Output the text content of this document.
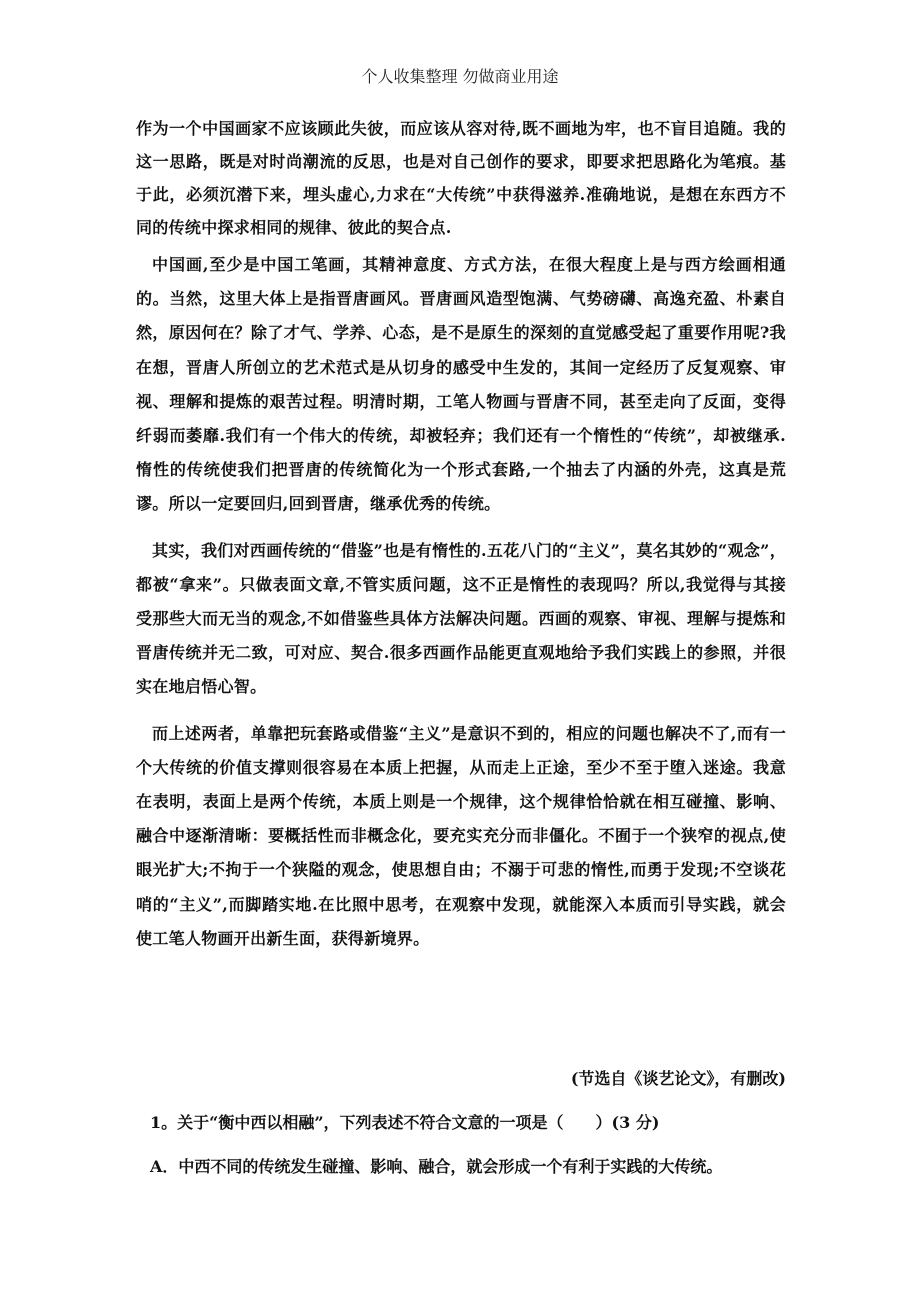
个人收集整理 勿做商业用途

作为一个中国画家不应该顾此失彼，而应该从容对待,既不画地为牢，也不盲目追随。我的这一思路，既是对时尚潮流的反思，也是对自己创作的要求，即要求把思路化为笔痕。基于此，必须沉潜下来，埋头虚心,力求在“大传统”中获得滋养.准确地说，是想在东西方不同的传统中探求相同的规律、彼此的契合点.

中国画,至少是中国工笔画，其精神意度、方式方法，在很大程度上是与西方绘画相通的。当然，这里大体上是指晋唐画风。晋唐画风造型饱满、气势磅礴、高逸充盈、朴素自然，原因何在？除了才气、学养、心态，是不是原生的深刻的直觉感受起了重要作用呢?我在想，晋唐人所创立的艺术范式是从切身的感受中生发的，其间一定经历了反复观察、审视、理解和提炼的艰苦过程。明清时期，工笔人物画与晋唐不同，甚至走向了反面，变得纤弱而萎靡.我们有一个伟大的传统，却被轻弃；我们还有一个惰性的“传统”，却被继承.惰性的传统使我们把晋唐的传统简化为一个形式套路,一个抽去了内涵的外壳，这真是荒谬。所以一定要回归,回到晋唐，继承优秀的传统。

其实，我们对西画传统的“借鉴”也是有惰性的.五花八门的“主义”，莫名其妙的“观念”，都被“拿来”。只做表面文章,不管实质问题，这不正是惰性的表现吗？所以,我觉得与其接受那些大而无当的观念,不如借鉴些具体方法解决问题。西画的观察、审视、理解与提炼和晋唐传统并无二致，可对应、契合.很多西画作品能更直观地给予我们实践上的参照，并很实在地启悟心智。

而上述两者，单靠把玩套路或借鉴“主义”是意识不到的，相应的问题也解决不了,而有一个大传统的价值支撑则很容易在本质上把握，从而走上正途，至少不至于堕入迷途。我意在表明，表面上是两个传统，本质上则是一个规律，这个规律恰恰就在相互碰撞、影响、融合中逐渐清晰：要概括性而非概念化，要充实充分而非僵化。不囿于一个狭窄的视点,使眼光扩大;不拘于一个狭隘的观念，使思想自由；不溺于可悲的惰性,而勇于发现;不空谈花哨的“主义”,而脚踏实地.在比照中思考，在观察中发现，就能深入本质而引导实践，就会使工笔人物画开出新生面，获得新境界。

(节选自《谈艺论文》，有删改)
1。关于“衡中西以相融”，下列表述不符合文意的一项是（　　）(3 分)
A．中西不同的传统发生碰撞、影响、融合，就会形成一个有利于实践的大传统。
